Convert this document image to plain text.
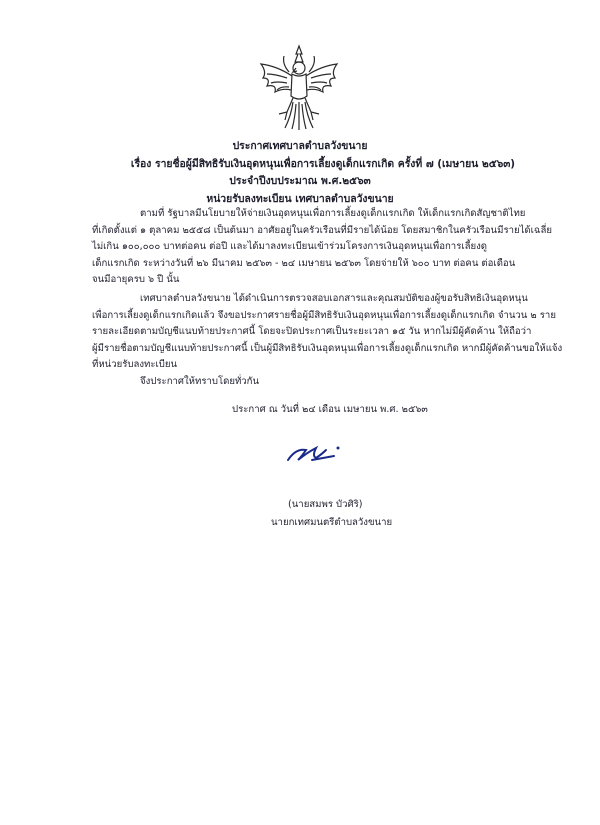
ประกาศเทศบาลตำบลวังขนาย
เรื่อง รายชื่อผู้มีสิทธิรับเงินอุดหนุนเพื่อการเลี้ยงดูเด็กแรกเกิด ครั้งที่ ๗ (เมษายน ๒๕๖๓)
ประจำปีงบประมาณ พ.ศ.๒๕๖๓
หน่วยรับลงทะเบียน เทศบาลตำบลวังขนาย
ตามที่ รัฐบาลมีนโยบายให้จ่ายเงินอุดหนุนเพื่อการเลี้ยงดูเด็กแรกเกิด ให้เด็กแรกเกิดสัญชาติไทย
ที่เกิดตั้งแต่ ๑ ตุลาคม ๒๕๕๘ เป็นต้นมา อาศัยอยู่ในครัวเรือนที่มีรายได้น้อย โดยสมาชิกในครัวเรือนมีรายได้เฉลี่ย
ไม่เกิน ๑๐๐,๐๐๐ บาทต่อคน ต่อปี และได้มาลงทะเบียนเข้าร่วมโครงการเงินอุดหนุนเพื่อการเลี้ยงดู
เด็กแรกเกิด ระหว่างวันที่ ๒๖ มีนาคม ๒๕๖๓ - ๒๔ เมษายน ๒๕๖๓ โดยจ่ายให้ ๖๐๐ บาท ต่อคน ต่อเดือน
จนมีอายุครบ ๖ ปี นั้น
เทศบาลตำบลวังขนาย ได้ดำเนินการตรวจสอบเอกสารและคุณสมบัติของผู้ขอรับสิทธิเงินอุดหนุน
เพื่อการเลี้ยงดูเด็กแรกเกิดแล้ว จึงขอประกาศรายชื่อผู้มีสิทธิรับเงินอุดหนุนเพื่อการเลี้ยงดูเด็กแรกเกิด จำนวน ๒ ราย
รายละเอียดตามบัญชีแนบท้ายประกาศนี้ โดยจะปิดประกาศเป็นระยะเวลา ๑๕ วัน หากไม่มีผู้คัดค้าน ให้ถือว่า
ผู้มีรายชื่อตามบัญชีแนบท้ายประกาศนี้ เป็นผู้มีสิทธิรับเงินอุดหนุนเพื่อการเลี้ยงดูเด็กแรกเกิด หากมีผู้คัดค้านขอให้แจ้ง
ที่หน่วยรับลงทะเบียน
จึงประกาศให้ทราบโดยทั่วกัน
ประกาศ ณ วันที่ ๒๔ เดือน เมษายน พ.ศ. ๒๕๖๓
(นายสมพร บัวศิริ)
นายกเทศมนตรีตำบลวังขนาย
